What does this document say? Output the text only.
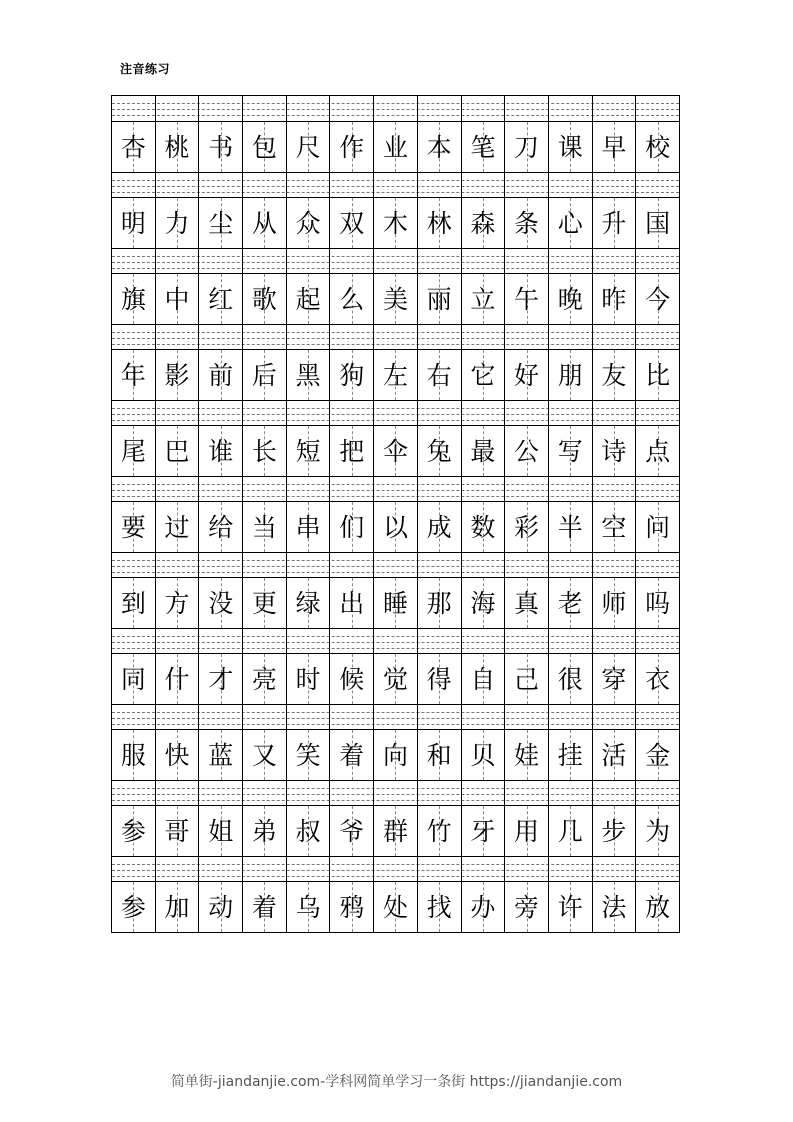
注音练习
杏 桃 书 包 尺 作 业 本 笔 刀 课 早 校
明 力 尘 从 众 双 木 林 森 条 心 升 国
旗 中 红 歌 起 么 美 丽 立 午 晚 昨 今
年 影 前 后 黑 狗 左 右 它 好 朋 友 比
尾 巴 谁 长 短 把 伞 兔 最 公 写 诗 点
要 过 给 当 串 们 以 成 数 彩 半 空 问
到 方 没 更 绿 出 睡 那 海 真 老 师 吗
同 什 才 亮 时 候 觉 得 自 己 很 穿 衣
服 快 蓝 又 笑 着 向 和 贝 娃 挂 活 金
参 哥 姐 弟 叔 爷 群 竹 牙 用 几 步 为
参 加 动 着 乌 鸦 处 找 办 旁 许 法 放
简单街-jiandanjie.com-学科网简单学习一条街 https://jiandanjie.com
